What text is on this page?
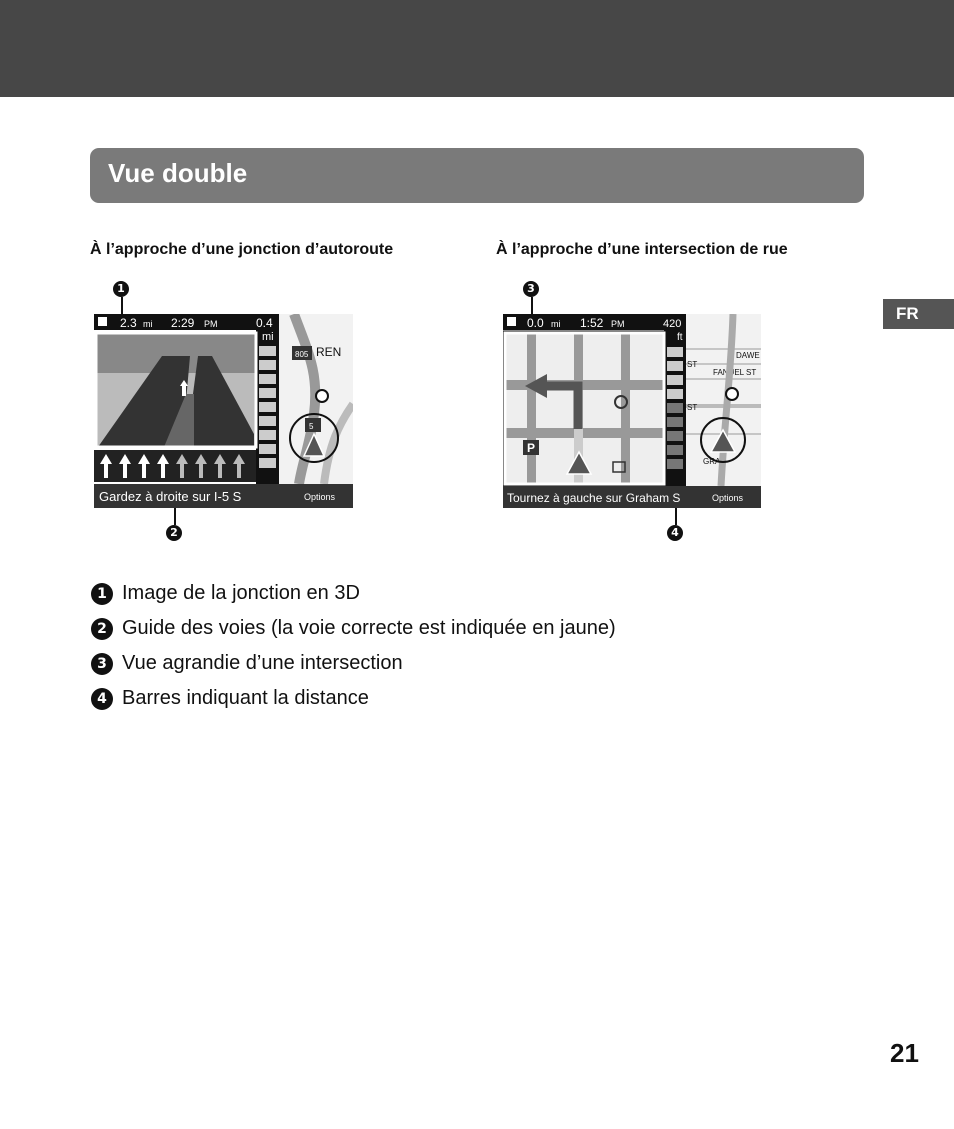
Vue double
FR
À l’approche d’une jonction d’autoroute	À l’approche d’une intersection de rue
1
2
3
4
2.3 mi 2:29 PM	0.4
mi
805 REN
5
Gardez à droite sur I-5 S	Options
0.0 mi 1:52 PM	420
ft
P
DAWE
FANUEL ST
ST
ST
GRAH
Tournez à gauche sur Graham S	Options
1 Image de la jonction en 3D
2 Guide des voies (la voie correcte est indiquée en jaune)
3 Vue agrandie d’une intersection
4 Barres indiquant la distance
21
